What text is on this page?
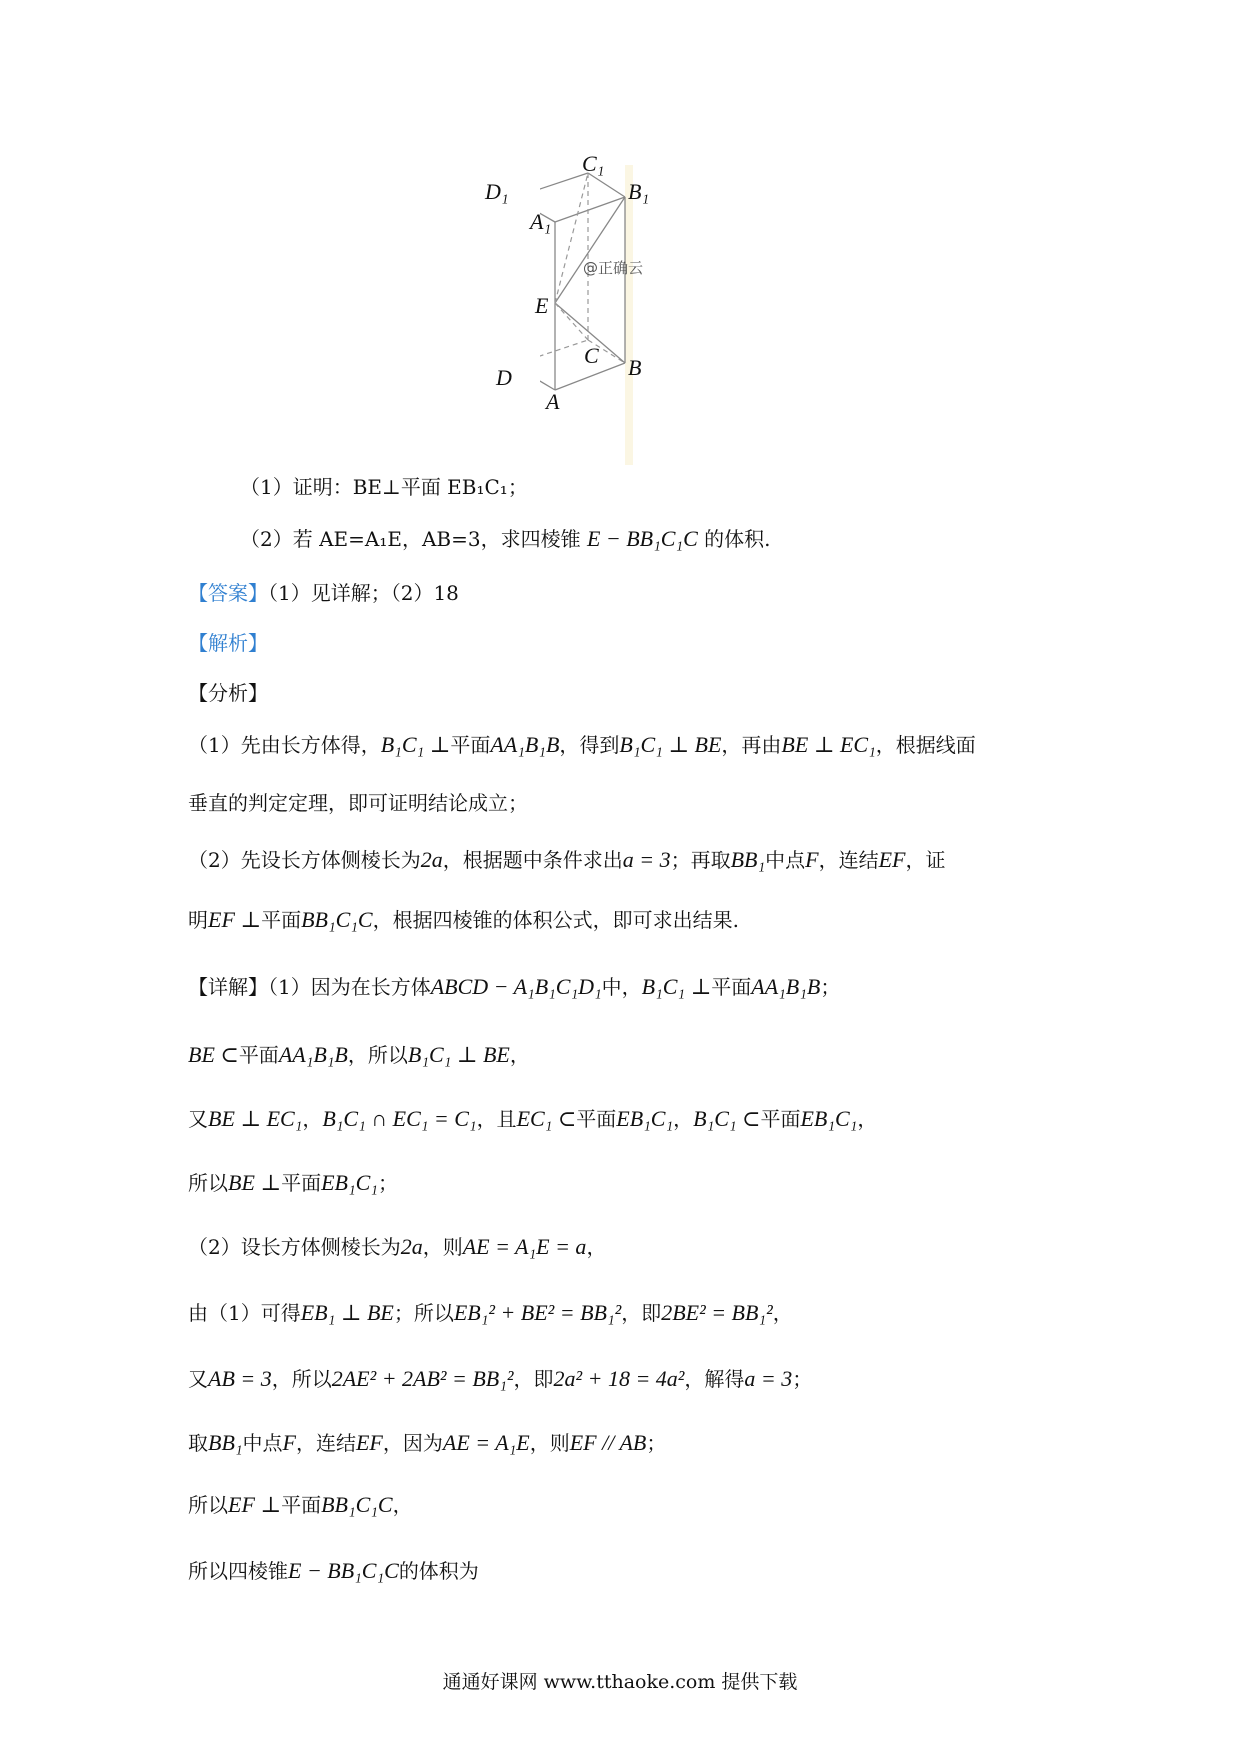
C₁
D₁	B₁
A₁
E
C
D	B
A
@正确云
（1）证明：BE⊥平面 EB₁C₁；
（2）若 AE=A₁E，AB=3，求四棱锥 E − BB₁C₁C 的体积.
【答案】（1）见详解；（2）18
【解析】
【分析】
（1）先由长方体得，B₁C₁ ⊥平面AA₁B₁B，得到B₁C₁ ⊥ BE，再由BE ⊥ EC₁，根据线面
垂直的判定定理，即可证明结论成立；
（2）先设长方体侧棱长为2a，根据题中条件求出a = 3；再取BB₁中点F，连结EF，证
明EF ⊥平面BB₁C₁C，根据四棱锥的体积公式，即可求出结果.
【详解】（1）因为在长方体ABCD − A₁B₁C₁D₁中，B₁C₁ ⊥平面AA₁B₁B；
BE ⊂平面AA₁B₁B，所以B₁C₁ ⊥ BE，
又BE ⊥ EC₁，B₁C₁ ∩ EC₁ = C₁，且EC₁ ⊂平面EB₁C₁，B₁C₁ ⊂平面EB₁C₁，
所以BE ⊥平面EB₁C₁；
（2）设长方体侧棱长为2a，则AE = A₁E = a，
由（1）可得EB₁ ⊥ BE；所以EB₁² + BE² = BB₁²，即2BE² = BB₁²，
又AB = 3，所以2AE² + 2AB² = BB₁²，即2a² + 18 = 4a²，解得a = 3；
取BB₁中点F，连结EF，因为AE = A₁E，则EF // AB；
所以EF ⊥平面BB₁C₁C，
所以四棱锥E − BB₁C₁C的体积为
通通好课网 www.tthaoke.com 提供下载
